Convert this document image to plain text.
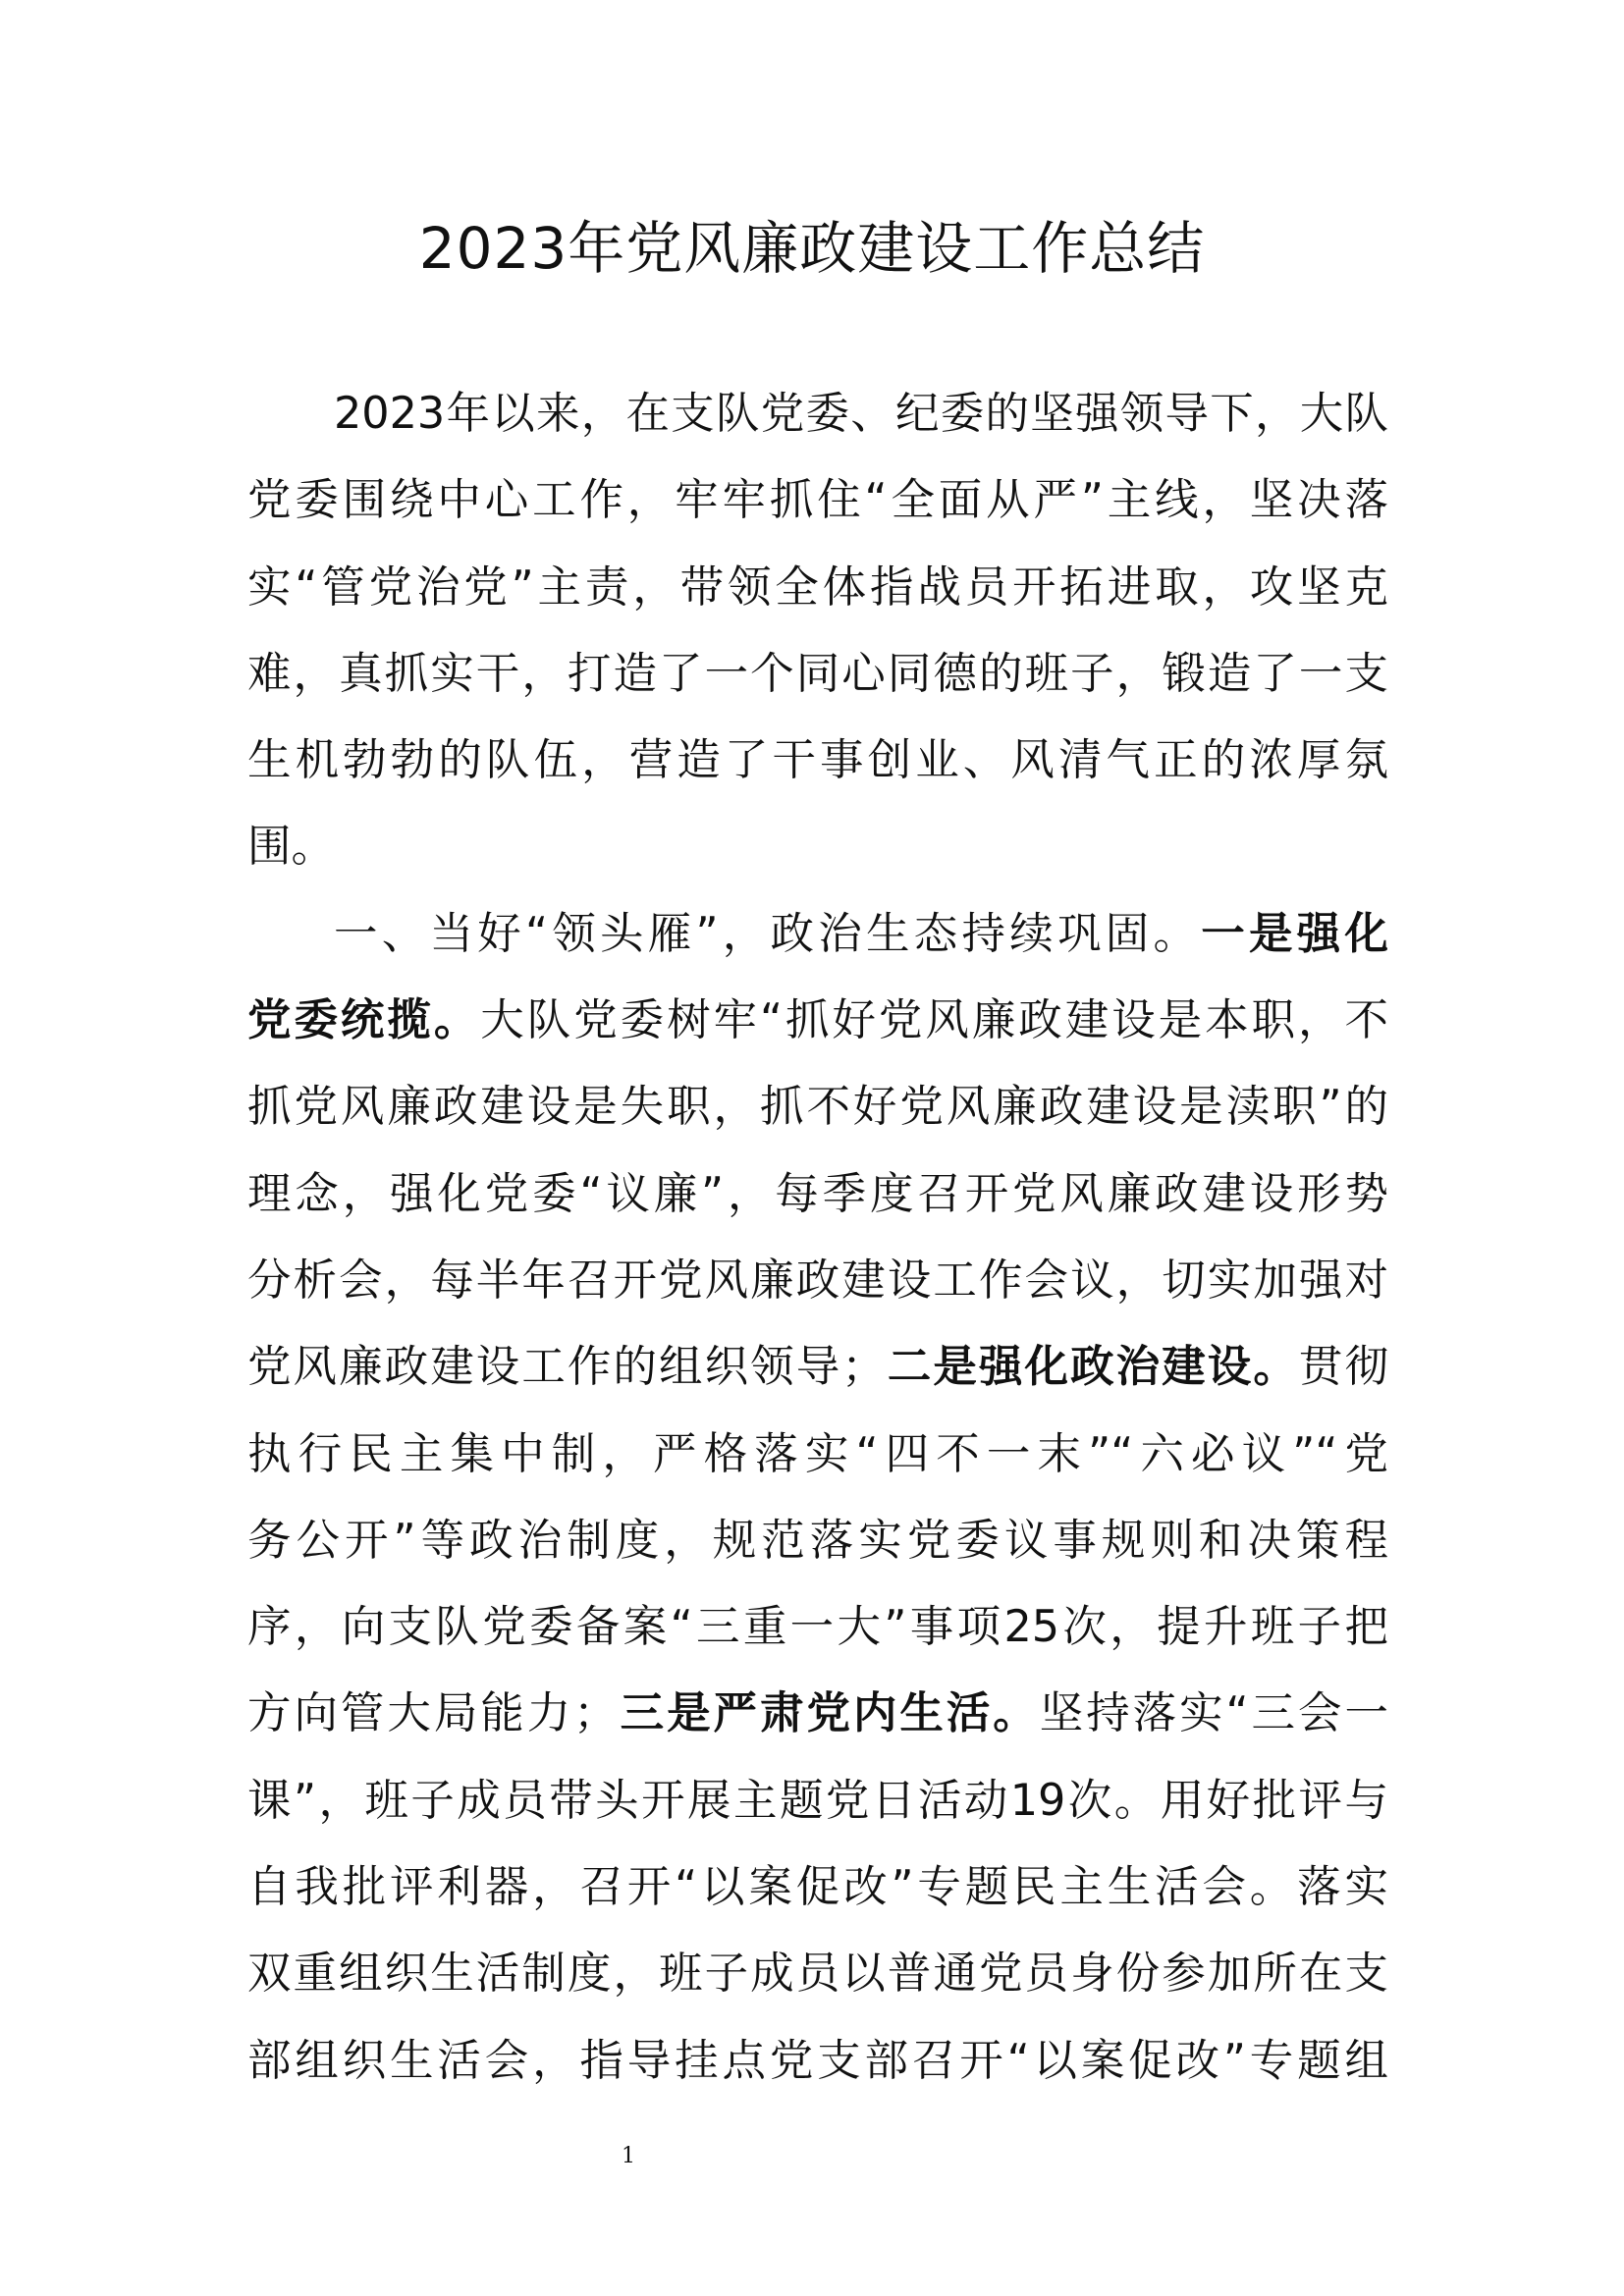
2023年党风廉政建设工作总结
2023年以来，在支队党委、纪委的坚强领导下，大队
党委围绕中心工作，牢牢抓住“全面从严”主线，坚决落
实“管党治党”主责，带领全体指战员开拓进取，攻坚克
难，真抓实干，打造了一个同心同德的班子，锻造了一支
生机勃勃的队伍，营造了干事创业、风清气正的浓厚氛
围。
一、当好“领头雁”，政治生态持续巩固。一是强化
党委统揽。大队党委树牢“抓好党风廉政建设是本职，不
抓党风廉政建设是失职，抓不好党风廉政建设是渎职”的
理念，强化党委“议廉”，每季度召开党风廉政建设形势
分析会，每半年召开党风廉政建设工作会议，切实加强对
党风廉政建设工作的组织领导；二是强化政治建设。贯彻
执行民主集中制，严格落实“四不一末”“六必议”“党
务公开”等政治制度，规范落实党委议事规则和决策程
序，向支队党委备案“三重一大”事项25次，提升班子把
方向管大局能力；三是严肃党内生活。坚持落实“三会一
课”，班子成员带头开展主题党日活动19次。用好批评与
自我批评利器，召开“以案促改”专题民主生活会。落实
双重组织生活制度，班子成员以普通党员身份参加所在支
部组织生活会，指导挂点党支部召开“以案促改”专题组
1
